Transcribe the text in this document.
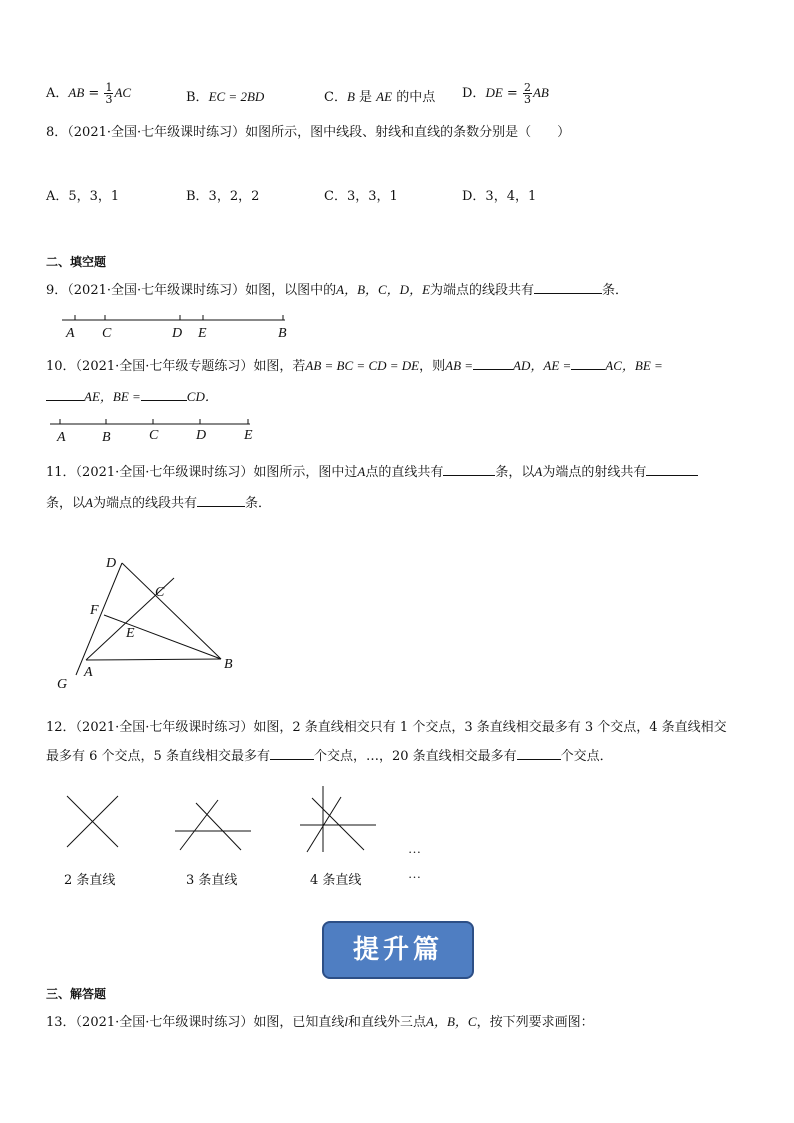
A．AB = $\frac{1}{3}$ AC	B．EC = 2BD	C．B 是 AE 的中点 D．DE = $\frac{2}{3}$ AB
8．（2021·全国·七年级课时练习）如图所示，图中线段、射线和直线的条数分别是（　　）
A．5，3，1	B．3，2，2	C．3，3，1	D．3，4，1
二、填空题
9．（2021·全国·七年级课时练习）如图，以图中的A，B，C，D，E为端点的线段共有	条．
A C	D E	B
A	B	C	D	E
D
C
F
E
A
B
G
…
…
10．（2021·全国·七年级专题练习）如图，若AB = BC = CD = DE，则AB =	AD，AE =	AC，BE =
AE，BE =	CD．
11．（2021·全国·七年级课时练习）如图所示，图中过A点的直线共有	条，以A为端点的射线共有
条，以A为端点的线段共有	条．
12．（2021·全国·七年级课时练习）如图，2 条直线相交只有 1 个交点，3 条直线相交最多有 3 个交点，4 条直线相交
最多有 6 个交点，5 条直线相交最多有	个交点，…，20 条直线相交最多有	个交点．
2 条直线	3 条直线	4 条直线
提升篇
三、解答题
13．（2021·全国·七年级课时练习）如图，已知直线l和直线外三点A，B，C，按下列要求画图：
